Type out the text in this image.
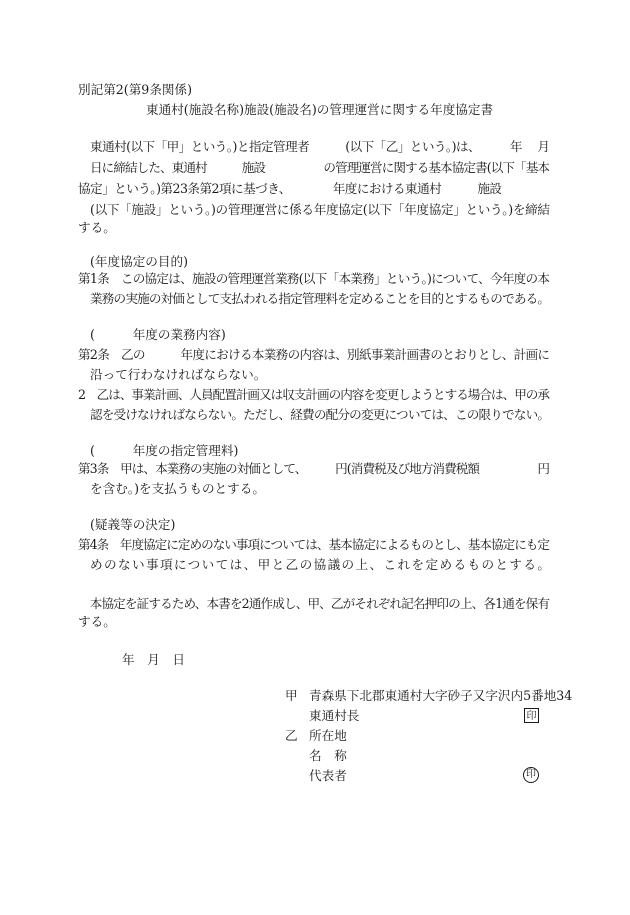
別記第2(第9条関係)
東通村(施設名称)施設(施設名)の管理運営に関する年度協定書
　東通村(以下「甲」という。)と指定管理者　　　(以下「乙」という。)は、　　　年　 月
日に締結した、東通村　　　施設　　　　　の管理運営に関する基本協定書(以下「基本
協定」という。)第23条第2項に基づき、　　　　年度における東通村　　　施設
(以下「施設」という。)の管理運営に係る年度協定(以下「年度協定」という。)を締結
する。
(年度協定の目的)
第1条　この協定は、施設の管理運営業務(以下「本業務」という。)について、今年度の本
業務の実施の対価として支払われる指定管理料を定めることを目的とするものである。
(　　　年度の業務内容)
第2条　乙の　　　年度における本業務の内容は、別紙事業計画書のとおりとし、計画に
沿って行わなければならない。
2　乙は、事業計画、人員配置計画又は収支計画の内容を変更しようとする場合は、甲の承
認を受けなければならない。ただし、経費の配分の変更については、この限りでない。
(　　　年度の指定管理料)
第3条　甲は、本業務の実施の対価として、　　　円(消費税及び地方消費税額　　　　　円
を含む。)を支払うものとする。
(疑義等の決定)
第4条　年度協定に定めのない事項については、基本協定によるものとし、基本協定にも定
めのない事項については、甲と乙の協議の上、これを定めるものとする。
　本協定を証するため、本書を2通作成し、甲、乙がそれぞれ記名押印の上、各1通を保有
する。
年　月　日
甲 青森県下北郡東通村大字砂子又字沢内5番地34
東通村長	印
乙 所在地
名　称
代表者	印
